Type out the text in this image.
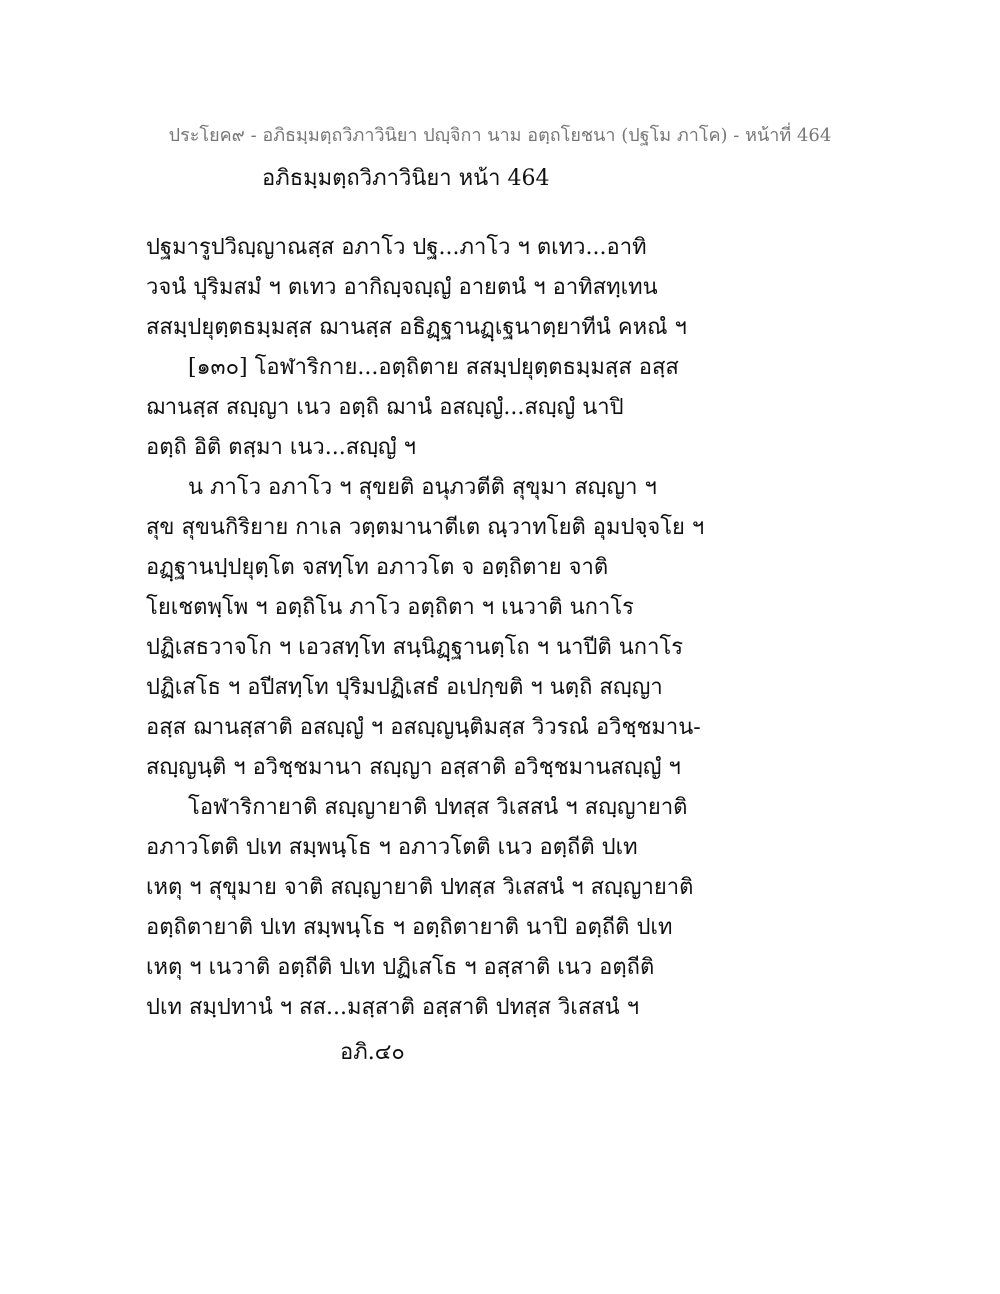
ประโยค๙ - อภิธมฺมตฺถวิภาวินิยา ปญฺจิกา นาม อตฺถโยชนา (ปฐโม ภาโค) - หน้าที่ 464
อภิธมฺมตฺถวิภาวินิยา หน้า 464
ปฐมารูปวิญฺญาณสฺส อภาโว ปฐ...ภาโว ฯ ตเทว...อาทิ
วจนํ ปุริมสมํ ฯ ตเทว อากิญฺจญฺญํ อายตนํ ฯ อาทิสทฺเทน
สสมฺปยุตฺตธมฺมสฺส ฌานสฺส อธิฏฺฐานฏฺเฐนาตฺยาทีนํ คหณํ ฯ
[๑๓๐] โอฬาริกาย...อตฺถิตาย สสมฺปยุตฺตธมฺมสฺส อสฺส
ฌานสฺส สญฺญา เนว อตฺถิ ฌานํ อสญฺญํ...สญฺญํ นาปิ
อตฺถิ อิติ ตสฺมา เนว...สญฺญํ ฯ
น ภาโว อภาโว ฯ สุขยติ อนุภวตีติ สุขุมา สญฺญา ฯ
สุข สุขนกิริยาย กาเล วตฺตมานาตีเต ณฺวาทโยติ อุมปจฺจโย ฯ
อฏฺฐานปฺปยุตฺโต จสทฺโท อภาวโต จ อตฺถิตาย จาติ
โยเชตพฺโพ ฯ อตฺถิโน ภาโว อตฺถิตา ฯ เนวาติ นกาโร
ปฏิเสธวาจโก ฯ เอวสทฺโท สนฺนิฏฺฐานตฺโถ ฯ นาปีติ นกาโร
ปฏิเสโธ ฯ อปีสทฺโท ปุริมปฏิเสธํ อเปกฺขติ ฯ นตฺถิ สญฺญา
อสฺส ฌานสฺสาติ อสญฺญํ ฯ อสญฺญนฺติมสฺส วิวรณํ อวิชฺชมาน-
สญฺญนฺติ ฯ อวิชฺชมานา สญฺญา อสฺสาติ อวิชฺชมานสญฺญํ ฯ
โอฬาริกายาติ สญฺญายาติ ปทสฺส วิเสสนํ ฯ สญฺญายาติ
อภาวโตติ ปเท สมฺพนฺโธ ฯ อภาวโตติ เนว อตฺถีติ ปเท
เหตุ ฯ สุขุมาย จาติ สญฺญายาติ ปทสฺส วิเสสนํ ฯ สญฺญายาติ
อตฺถิตายาติ ปเท สมฺพนฺโธ ฯ อตฺถิตายาติ นาปิ อตฺถีติ ปเท
เหตุ ฯ เนวาติ อตฺถีติ ปเท ปฏิเสโธ ฯ อสฺสาติ เนว อตฺถีติ
ปเท สมฺปทานํ ฯ สส...มสฺสาติ อสฺสาติ ปทสฺส วิเสสนํ ฯ
อภิ.๔๐
